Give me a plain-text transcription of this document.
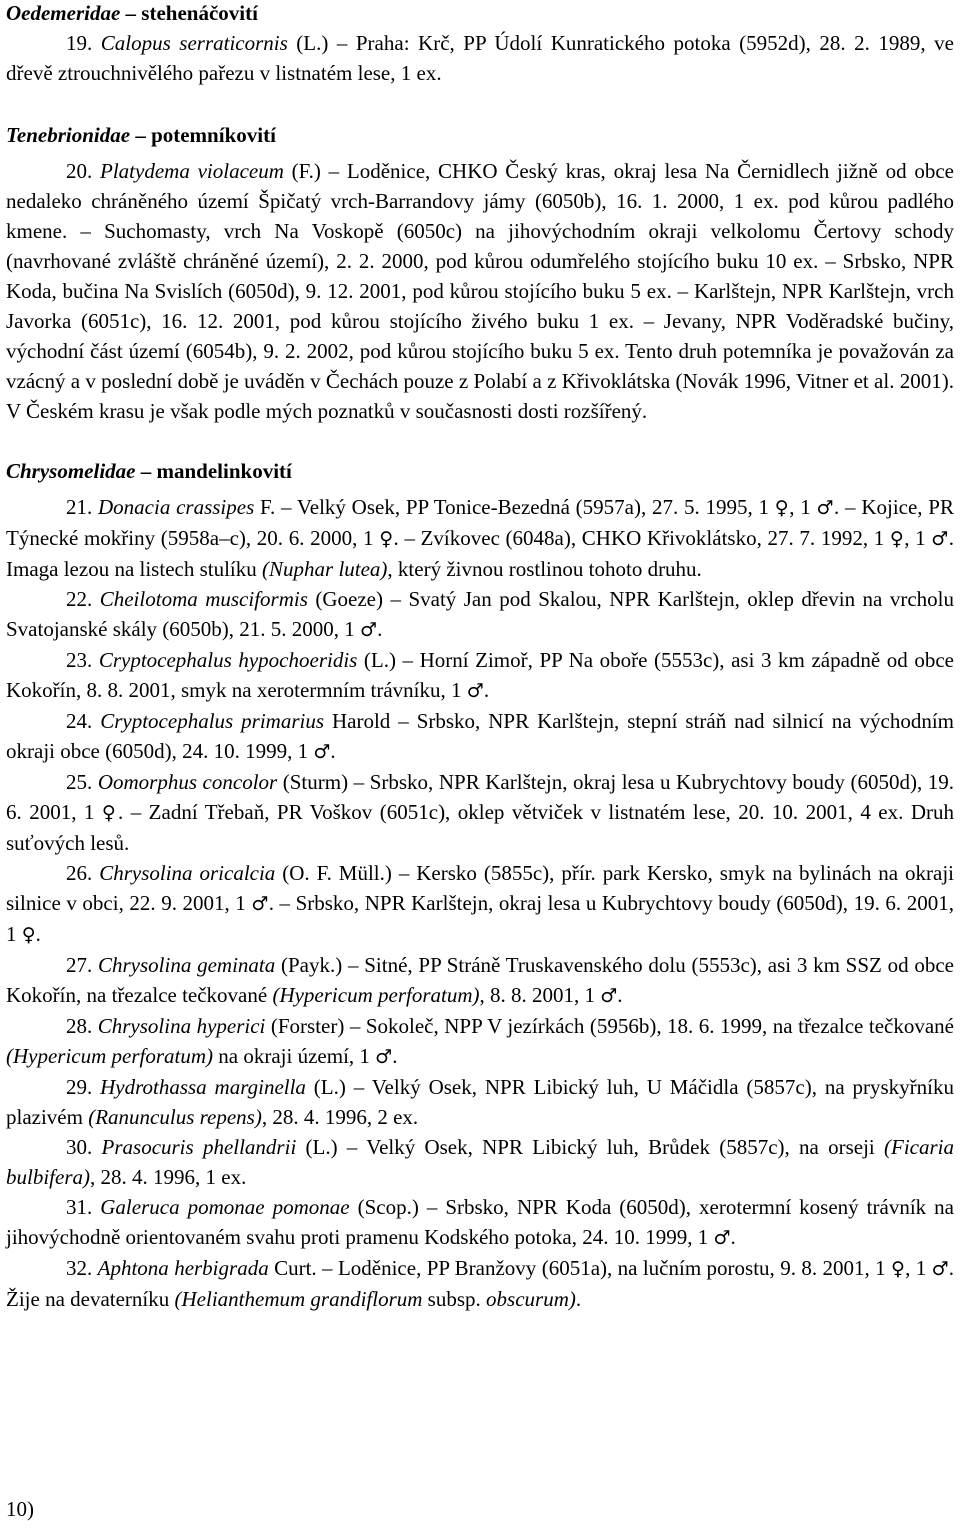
Oedemeridae – stehenáčovití

19. Calopus serraticornis (L.) – Praha: Krč, PP Údolí Kunratického potoka (5952d), 28. 2. 1989, ve dřevě ztrouchnivělého pařezu v listnatém lese, 1 ex.

Tenebrionidae – potemníkovití

20. Platydema violaceum (F.) – Loděnice, CHKO Český kras, okraj lesa Na Černidlech jižně od obce nedaleko chráněného území Špičatý vrch-Barrandovy jámy (6050b), 16. 1. 2000, 1 ex. pod kůrou padlého kmene. – Suchomasty, vrch Na Voskopě (6050c) na jihovýchodním okraji velkolomu Čertovy schody (navrhované zvláště chráněné území), 2. 2. 2000, pod kůrou odumřelého stojícího buku 10 ex. – Srbsko, NPR Koda, bučina Na Svislích (6050d), 9. 12. 2001, pod kůrou stojícího buku 5 ex. – Karlštejn, NPR Karlštejn, vrch Javorka (6051c), 16. 12. 2001, pod kůrou stojícího živého buku 1 ex. – Jevany, NPR Voděradské bučiny, východní část území (6054b), 9. 2. 2002, pod kůrou stojícího buku 5 ex. Tento druh potemníka je považován za vzácný a v poslední době je uváděn v Čechách pouze z Polabí a z Křivoklátska (Novák 1996, Vitner et al. 2001). V Českém krasu je však podle mých poznatků v současnosti dosti rozšířený.

Chrysomelidae – mandelinkovití

21. Donacia crassipes F. – Velký Osek, PP Tonice-Bezedná (5957a), 27. 5. 1995, 1 ♀, 1 ♂. – Kojice, PR Týnecké mokřiny (5958a–c), 20. 6. 2000, 1 ♀. – Zvíkovec (6048a), CHKO Křivoklátsko, 27. 7. 1992, 1 ♀, 1 ♂. Imaga lezou na listech stulíku (Nuphar lutea), který živnou rostlinou tohoto druhu.

22. Cheilotoma musciformis (Goeze) – Svatý Jan pod Skalou, NPR Karlštejn, oklep dřevin na vrcholu Svatojanské skály (6050b), 21. 5. 2000, 1 ♂.

23. Cryptocephalus hypochoeridis (L.) – Horní Zimoř, PP Na oboře (5553c), asi 3 km západně od obce Kokořín, 8. 8. 2001, smyk na xerotermním trávníku, 1 ♂.

24. Cryptocephalus primarius Harold – Srbsko, NPR Karlštejn, stepní stráň nad silnicí na východním okraji obce (6050d), 24. 10. 1999, 1 ♂.

25. Oomorphus concolor (Sturm) – Srbsko, NPR Karlštejn, okraj lesa u Kubrychtovy boudy (6050d), 19. 6. 2001, 1 ♀. – Zadní Třebaň, PR Voškov (6051c), oklep větviček v listnatém lese, 20. 10. 2001, 4 ex. Druh suťových lesů.

26. Chrysolina oricalcia (O. F. Müll.) – Kersko (5855c), přír. park Kersko, smyk na bylinách na okraji silnice v obci, 22. 9. 2001, 1 ♂. – Srbsko, NPR Karlštejn, okraj lesa u Kubrychtovy boudy (6050d), 19. 6. 2001, 1 ♀.

27. Chrysolina geminata (Payk.) – Sitné, PP Stráně Truskavenského dolu (5553c), asi 3 km SSZ od obce Kokořín, na třezalce tečkované (Hypericum perforatum), 8. 8. 2001, 1 ♂.

28. Chrysolina hyperici (Forster) – Sokoleč, NPP V jezírkách (5956b), 18. 6. 1999, na třezalce tečkované (Hypericum perforatum) na okraji území, 1 ♂.

29. Hydrothassa marginella (L.) – Velký Osek, NPR Libický luh, U Máčidla (5857c), na pryskyřníku plazivém (Ranunculus repens), 28. 4. 1996, 2 ex.

30. Prasocuris phellandrii (L.) – Velký Osek, NPR Libický luh, Brůdek (5857c), na orseji (Ficaria bulbifera), 28. 4. 1996, 1 ex.

31. Galeruca pomonae pomonae (Scop.) – Srbsko, NPR Koda (6050d), xerotermní kosený trávník na jihovýchodně orientovaném svahu proti pramenu Kodského potoka, 24. 10. 1999, 1 ♂.

32. Aphtona herbigrada Curt. – Loděnice, PP Branžovy (6051a), na lučním porostu, 9. 8. 2001, 1 ♀, 1 ♂. Žije na devaterníku (Helianthemum grandiflorum subsp. obscurum).

10)
